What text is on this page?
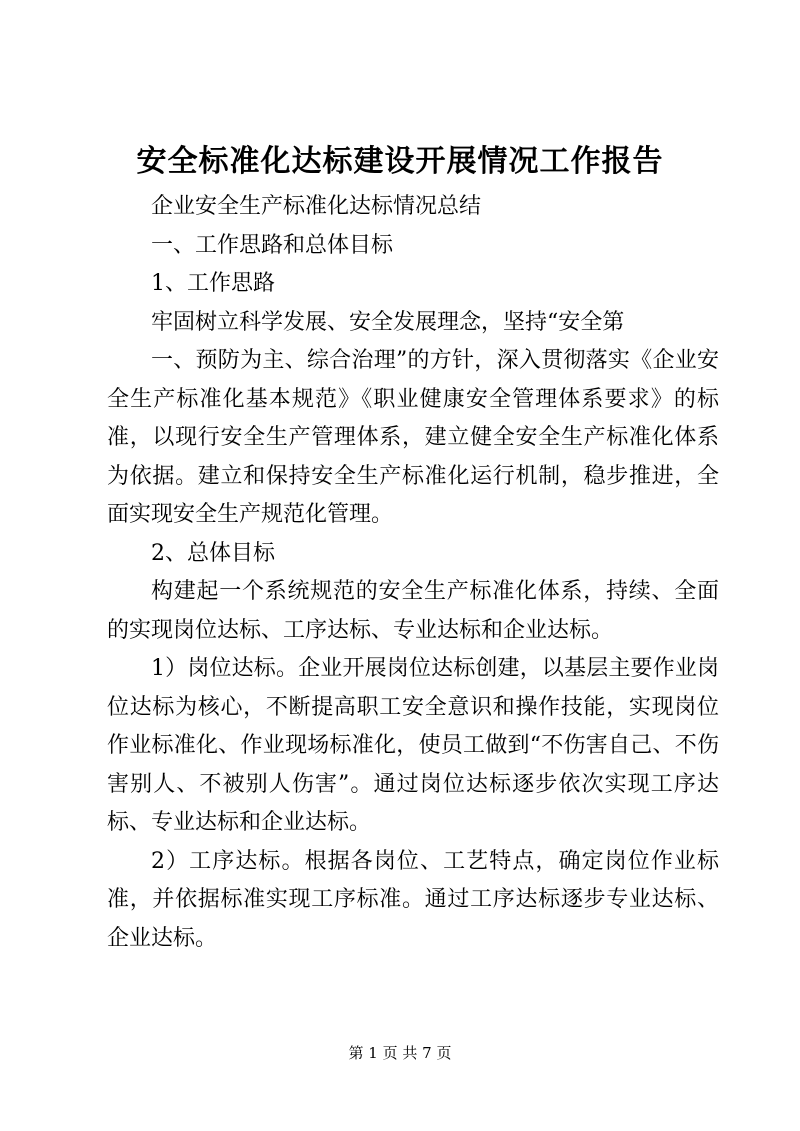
安全标准化达标建设开展情况工作报告

企业安全生产标准化达标情况总结

一、工作思路和总体目标

1、工作思路

牢固树立科学发展、安全发展理念，坚持“安全第

一、预防为主、综合治理”的方针，深入贯彻落实《企业安全生产标准化基本规范》《职业健康安全管理体系要求》的标准，以现行安全生产管理体系，建立健全安全生产标准化体系为依据。建立和保持安全生产标准化运行机制，稳步推进，全面实现安全生产规范化管理。

2、总体目标

构建起一个系统规范的安全生产标准化体系，持续、全面的实现岗位达标、工序达标、专业达标和企业达标。

1）岗位达标。企业开展岗位达标创建，以基层主要作业岗位达标为核心，不断提高职工安全意识和操作技能，实现岗位作业标准化、作业现场标准化，使员工做到“不伤害自己、不伤害别人、不被别人伤害”。通过岗位达标逐步依次实现工序达标、专业达标和企业达标。

2）工序达标。根据各岗位、工艺特点，确定岗位作业标准，并依据标准实现工序标准。通过工序达标逐步专业达标、企业达标。

第 1 页 共 7 页
